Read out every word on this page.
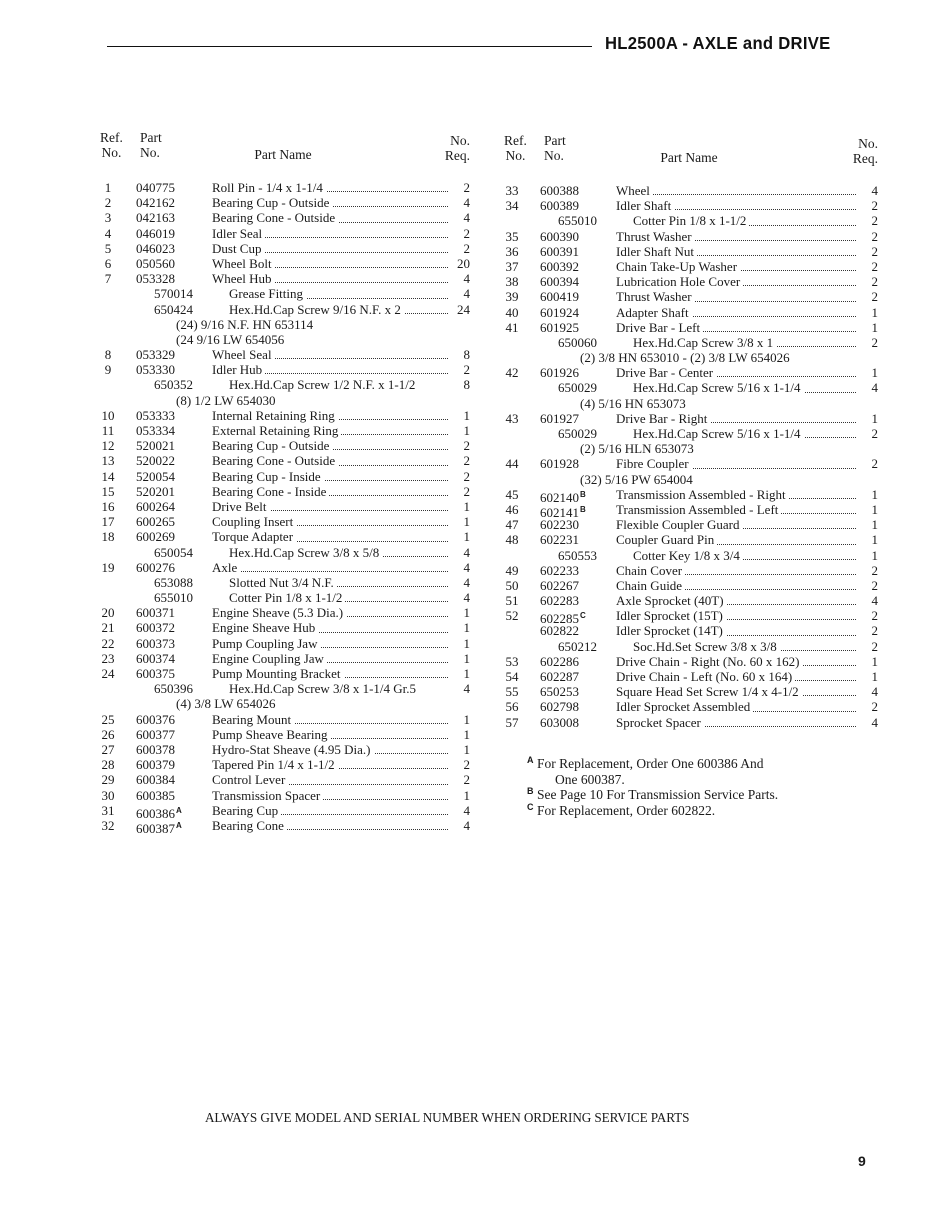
HL2500A - AXLE and DRIVE
Ref.
No.
Part
No.	Part Name
No.
Req.
1	040775	Roll Pin - 1/4 x 1-1/4	2
2	042162	Bearing Cup - Outside	4
3	042163	Bearing Cone - Outside	4
4	046019	Idler Seal	2
5	046023	Dust Cup	2
6	050560	Wheel Bolt	20
7	053328	Wheel Hub	4
570014	Grease Fitting	4
650424	Hex.Hd.Cap Screw 9/16 N.F. x 2	24
(24) 9/16 N.F. HN 653114
(24 9/16 LW 654056
8	053329	Wheel Seal	8
9	053330	Idler Hub	2
650352	Hex.Hd.Cap Screw 1/2 N.F. x 1-1/2	8
(8) 1/2 LW 654030
10	053333	Internal Retaining Ring	1
11	053334	External Retaining Ring	1
12	520021	Bearing Cup - Outside	2
13	520022	Bearing Cone - Outside	2
14	520054	Bearing Cup - Inside	2
15	520201	Bearing Cone - Inside	2
16	600264	Drive Belt	1
17	600265	Coupling Insert	1
18	600269	Torque Adapter	1
650054	Hex.Hd.Cap Screw 3/8 x 5/8	4
19	600276	Axle	4
653088	Slotted Nut 3/4 N.F.	4
655010	Cotter Pin 1/8 x 1-1/2	4
20	600371	Engine Sheave (5.3 Dia.)	1
21	600372	Engine Sheave Hub	1
22	600373	Pump Coupling Jaw	1
23	600374	Engine Coupling Jaw	1
24	600375	Pump Mounting Bracket	1
650396	Hex.Hd.Cap Screw 3/8 x 1-1/4 Gr.5	4
(4) 3/8 LW 654026
25	600376	Bearing Mount	1
26	600377	Pump Sheave Bearing	1
27	600378	Hydro-Stat Sheave (4.95 Dia.)	1
28	600379	Tapered Pin 1/4 x 1-1/2	2
29	600384	Control Lever	2
30	600385	Transmission Spacer	1
31	600386$^A$ Bearing Cup	4
32	600387$^A$ Bearing Cone	4
Ref.
No.
Part
No.	Part Name
No.
Req.
33	600388	Wheel	4
34	600389	Idler Shaft	2
655010	Cotter Pin 1/8 x 1-1/2	2
35	600390	Thrust Washer	2
36	600391	Idler Shaft Nut	2
37	600392	Chain Take-Up Washer	2
38	600394	Lubrication Hole Cover	2
39	600419	Thrust Washer	2
40	601924	Adapter Shaft	1
41	601925	Drive Bar - Left	1
650060	Hex.Hd.Cap Screw 3/8 x 1	2
(2) 3/8 HN 653010 - (2) 3/8 LW 654026
42	601926	Drive Bar - Center	1
650029	Hex.Hd.Cap Screw 5/16 x 1-1/4	4
(4) 5/16 HN 653073
43	601927	Drive Bar - Right	1
650029	Hex.Hd.Cap Screw 5/16 x 1-1/4	2
(2) 5/16 HLN 653073
44	601928	Fibre Coupler	2
(32) 5/16 PW 654004
45	602140$^B$ Transmission Assembled - Right	1
46	602141$^B$ Transmission Assembled - Left	1
47	602230	Flexible Coupler Guard	1
48	602231	Coupler Guard Pin	1
650553	Cotter Key 1/8 x 3/4	1
49	602233	Chain Cover	2
50	602267	Chain Guide	2
51	602283	Axle Sprocket (40T)	4
52	602285$^C$ Idler Sprocket (15T)	2
602822	Idler Sprocket (14T)	2
650212	Soc.Hd.Set Screw 3/8 x 3/8	2
53	602286	Drive Chain - Right (No. 60 x 162)	1
54	602287	Drive Chain - Left (No. 60 x 164)	1
55	650253	Square Head Set Screw 1/4 x 4-1/2	4
56	602798	Idler Sprocket Assembled	2
57	603008	Sprocket Spacer	4
A For Replacement, Order One 600386 And
One 600387.
B See Page 10 For Transmission Service Parts.
C For Replacement, Order 602822.
ALWAYS GIVE MODEL AND SERIAL NUMBER WHEN ORDERING SERVICE PARTS
9
